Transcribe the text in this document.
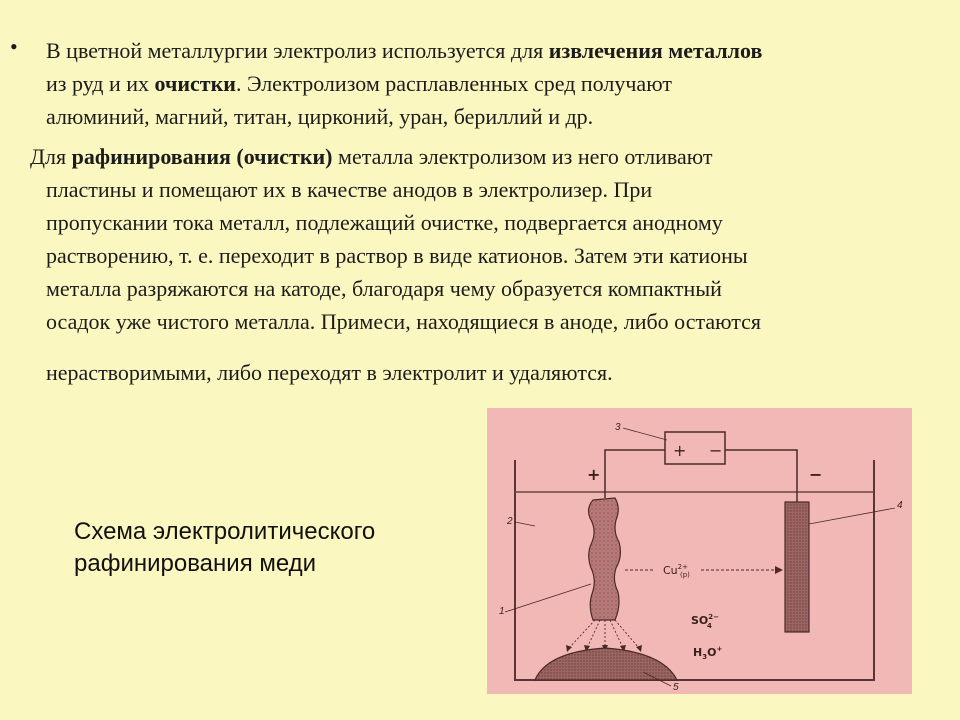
• В цветной металлургии электролиз используется для извлечения металлов
из руд и их очистки. Электролизом расплавленных сред получают
алюминий, магний, титан, цирконий, уран, бериллий и др.
Для рафинирования (очистки) металла электролизом из него отливают
пластины и помещают их в качестве анодов в электролизер. При
пропускании тока металл, подлежащий очистке, подвергается анодному
растворению, т. е. переходит в раствор в виде катионов. Затем эти катионы
металла разряжаются на катоде, благодаря чему образуется компактный
осадок уже чистого металла. Примеси, находящиеся в аноде, либо остаются
нерастворимыми, либо переходят в электролит и удаляются.
Схема электролитического
рафинирования меди
+ −
3
+	−
2
4
1
$Cu^{2+}$ (р)
$SO^{2-}$ 4
$H_3O^+$
5
